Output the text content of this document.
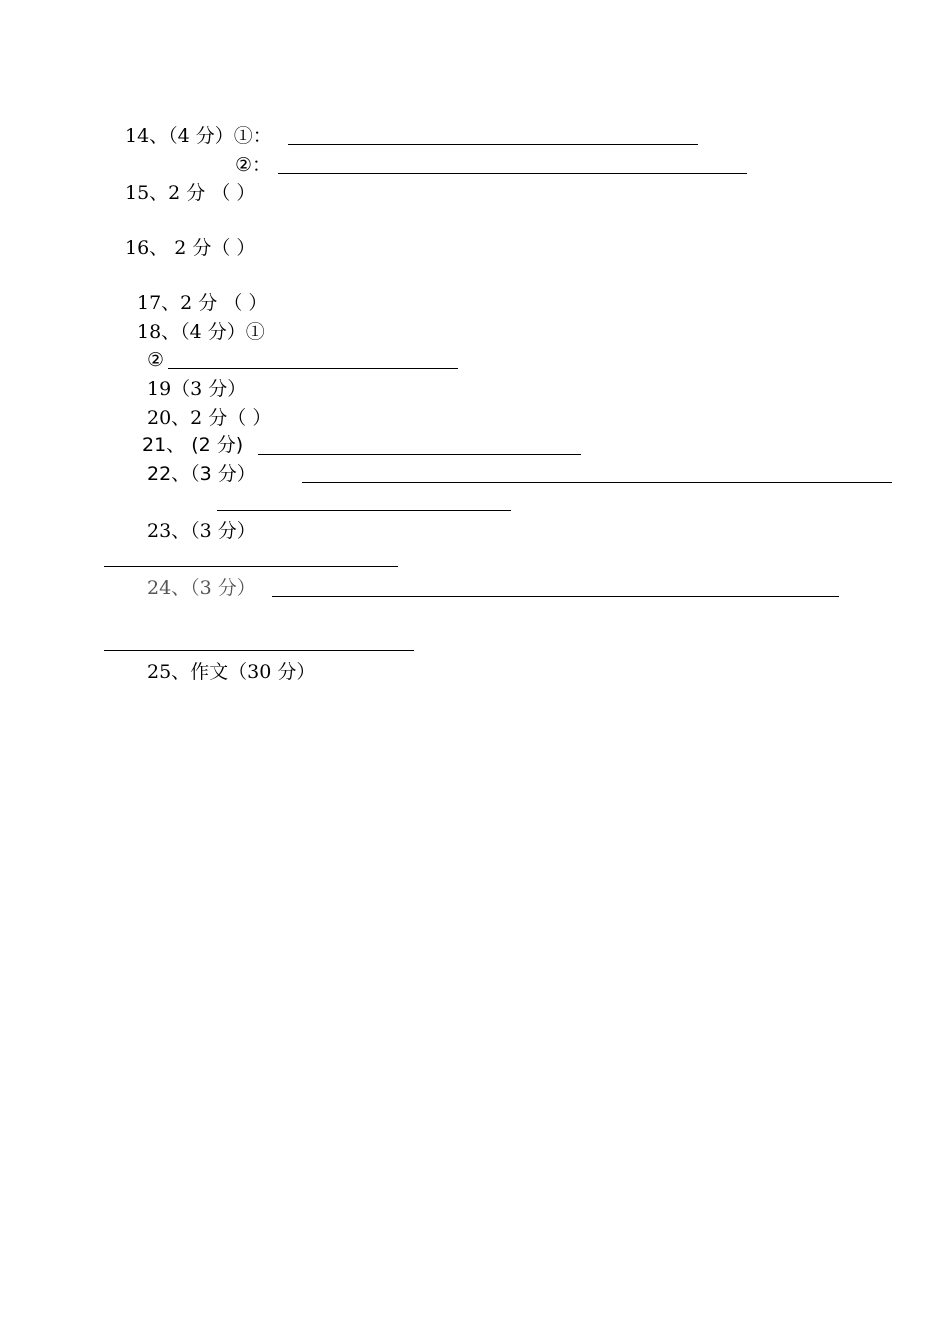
14、（4 分）①：
②：
15、2 分 （ ）
16、 2 分（ ）
17、2 分 （ ）
18、（4 分）①
②
19（3 分）
20、2 分（ ）
21、 (2 分)
22、（3 分）
23、（3 分）
24、（3 分）
25、作文（30 分）
